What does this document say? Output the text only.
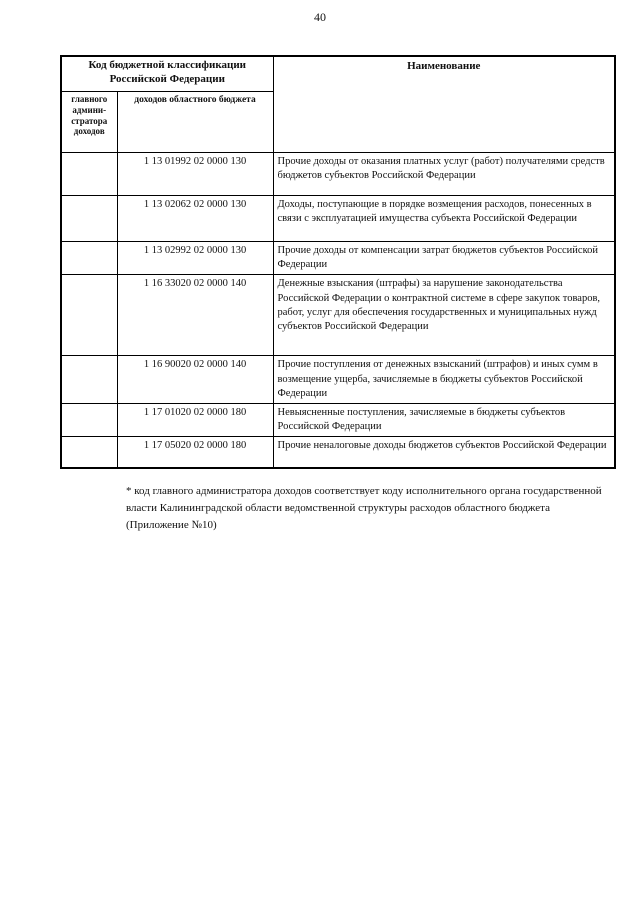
40
Код бюджетной классификации Российской Федерации		Наименование
главного админи-стратора доходов	доходов областного бюджета	
	1 13 01992 02 0000 130	Прочие доходы от оказания платных услуг (работ) получателями средств бюджетов субъектов Российской Федерации
	1 13 02062 02 0000 130	Доходы, поступающие в порядке возмещения расходов, понесенных в связи с эксплуатацией имущества субъекта Российской Федерации
	1 13 02992 02 0000 130	Прочие доходы от компенсации затрат бюджетов субъектов Российской Федерации
	1 16 33020 02 0000 140	Денежные взыскания (штрафы) за нарушение законодательства Российской Федерации о контрактной системе в сфере закупок товаров, работ, услуг для обеспечения государственных и муниципальных нужд субъектов Российской Федерации
	1 16 90020 02 0000 140	Прочие поступления от денежных взысканий (штрафов) и иных сумм в возмещение ущерба, зачисляемые в бюджеты субъектов Российской Федерации
	1 17 01020 02 0000 180	Невыясненные поступления, зачисляемые в бюджеты субъектов Российской Федерации
	1 17 05020 02 0000 180	Прочие неналоговые доходы бюджетов субъектов Российской Федерации
* код главного администратора доходов соответствует коду исполнительного органа государственной власти Калининградской области ведомственной структуры расходов областного бюджета (Приложение №10)
